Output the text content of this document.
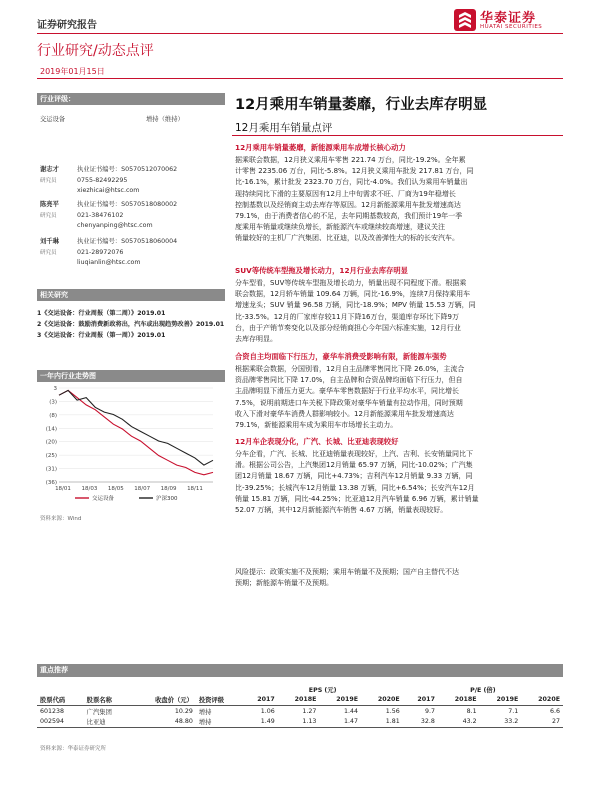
证券研究报告	华泰证券
HUATAI SECURITIES
行业研究/动态点评
2019年01月15日
行业评级：
交运设备	增持（维持）
谢志才
研究员
执业证书编号：S0570512070062
0755-82492295
xiezhicai@htsc.com
陈亮平
研究员
执业证书编号：S0570518080002
021-38476102
chenyanping@htsc.com
刘千琳
研究员
执业证书编号：S0570518060004
021-28972076
liuqianlin@htsc.com
相关研究
1《交运设备：行业周报（第二周）》2019.01
2《交运设备：鼓励消费新政将出，汽车或出现趋势改善》2019.01
3《交运设备：行业周报（第一周）》2019.01
一年内行业走势图
3
(3)
(8)
(14)
(20)
(25)
(31)
(36)
18/01 18/03 18/05 18/07 18/09 18/11
交运设备	沪深300
资料来源：Wind
12月乘用车销量萎靡，行业去库存明显
12月乘用车销量点评
12月乘用车销量萎靡，新能源乘用车成增长核心动力
据乘联会数据，12月狭义乘用车零售 221.74 万台，同比-19.2%。全年累
计零售 2235.06 万台，同比-5.8%。12月狭义乘用车批发 217.81 万台，同
比-16.1%，累计批发 2323.70 万台，同比-4.0%。我们认为乘用车销量出
现持续同比下滑的主要原因有12月上中旬需求不旺、厂商为19年稳增长
控制基数以及经销商主动去库存等原因。12月新能源乘用车批发增速高达
79.1%，由于消费者信心的不足，去年同期基数较高，我们预计19年一季
度乘用车销量或继续负增长，新能源汽车或继续较高增速，建议关注
销量较好的主机厂广汽集团、比亚迪，以及改善弹性大的标的长安汽车。
SUV等传统车型拖及增长动力，12月行业去库存明显
分车型看，SUV等传统车型拖及增长动力，销量出现不同程度下滑。根据乘
联会数据，12月轿车销量 109.64 万辆，同比-16.9%，连续7月保持乘用车
增速龙头；SUV 销量 96.58 万辆，同比-18.9%；MPV 销量 15.53 万辆，同
比-33.5%。12月的厂家库存较11月下降16万台，渠道库存环比下降9万
台，由于产销节奏变化以及部分经销商担心今年国六标准实施，12月行业
去库存明显。
合资自主均面临下行压力，豪华车消费受影响有限，新能源车强势
根据乘联会数据，分国别看，12月自主品牌零售同比下降 26.0%，主流合
资品牌零售同比下降 17.0%，自主品牌和合资品牌均面临下行压力，但自
主品牌明显下滑压力更大。豪华车零售数据好于行业平均水平，同比增长
7.5%，说明前期进口车关税下降政策对豪华车销量有拉动作用，同时预期
收入下滑对豪华车消费人群影响较小。12月新能源乘用车批发增速高达
79.1%，新能源乘用车成为乘用车市场增长主动力。
12月车企表现分化，广汽、长城、比亚迪表现较好
分车企看，广汽、长城、比亚迪销量表现较好，上汽、吉利、长安销量同比下
滑。根据公司公告，上汽集团12月销量 65.97 万辆，同比-10.02%；广汽集
团12月销量 18.67 万辆，同比+4.73%；吉利汽车12月销量 9.33 万辆，同
比-39.25%；长城汽车12月销量 13.38 万辆，同比+6.54%；长安汽车12月
销量 15.81 万辆，同比-44.25%；比亚迪12月汽车销量 6.96 万辆，累计销量
52.07 万辆，其中12月新能源汽车销售 4.67 万辆，销量表现较好。
风险提示：政策实施不及预期；乘用车销量不及预期；国产自主替代不达
预期；新能源车销量不及预期。
重点推荐
				EPS (元)				P/E (倍)			
股票代码	股票名称	收盘价（元）	投资评级	2017	2018E	2019E	2020E	2017	2018E	2019E	2020E
601238	广汽集团	10.29	增持	1.06	1.27	1.44	1.56	9.7	8.1	7.1	6.6
002594	比亚迪	48.80	增持	1.49	1.13	1.47	1.81	32.8	43.2	33.2	27
资料来源：华泰证券研究所
